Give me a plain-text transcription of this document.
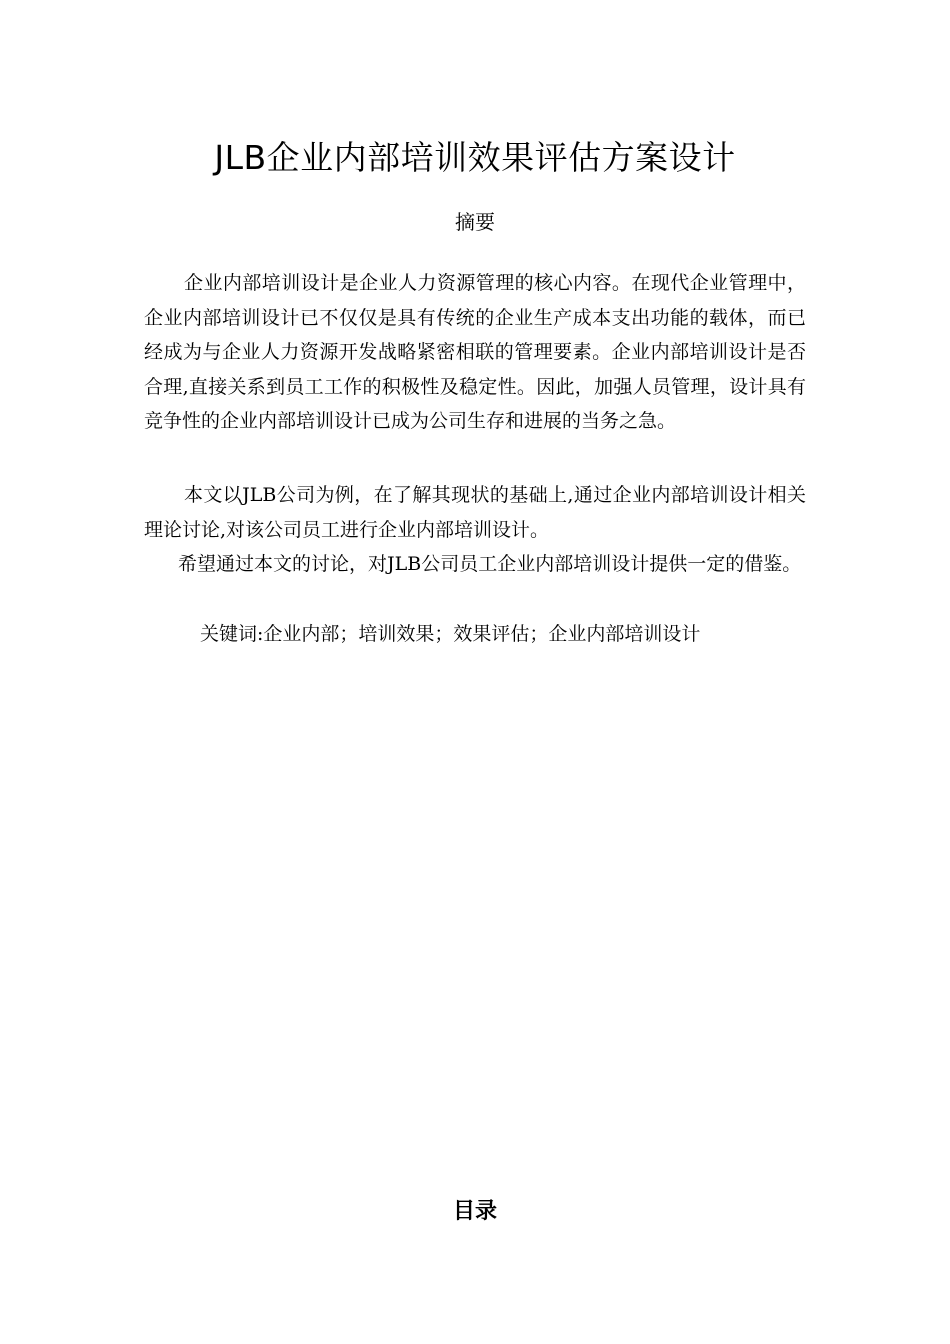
JLB企业内部培训效果评估方案设计
摘要

企业内部培训设计是企业人力资源管理的核心内容。在现代企业管理中，企业内部培训设计已不仅仅是具有传统的企业生产成本支出功能的载体，而已经成为与企业人力资源开发战略紧密相联的管理要素。企业内部培训设计是否合理,直接关系到员工工作的积极性及稳定性。因此，加强人员管理，设计具有竞争性的企业内部培训设计已成为公司生存和进展的当务之急。

本文以JLB公司为例，在了解其现状的基础上,通过企业内部培训设计相关理论讨论,对该公司员工进行企业内部培训设计。

希望通过本文的讨论，对JLB公司员工企业内部培训设计提供一定的借鉴。

关键词:企业内部；培训效果；效果评估；企业内部培训设计
目录
